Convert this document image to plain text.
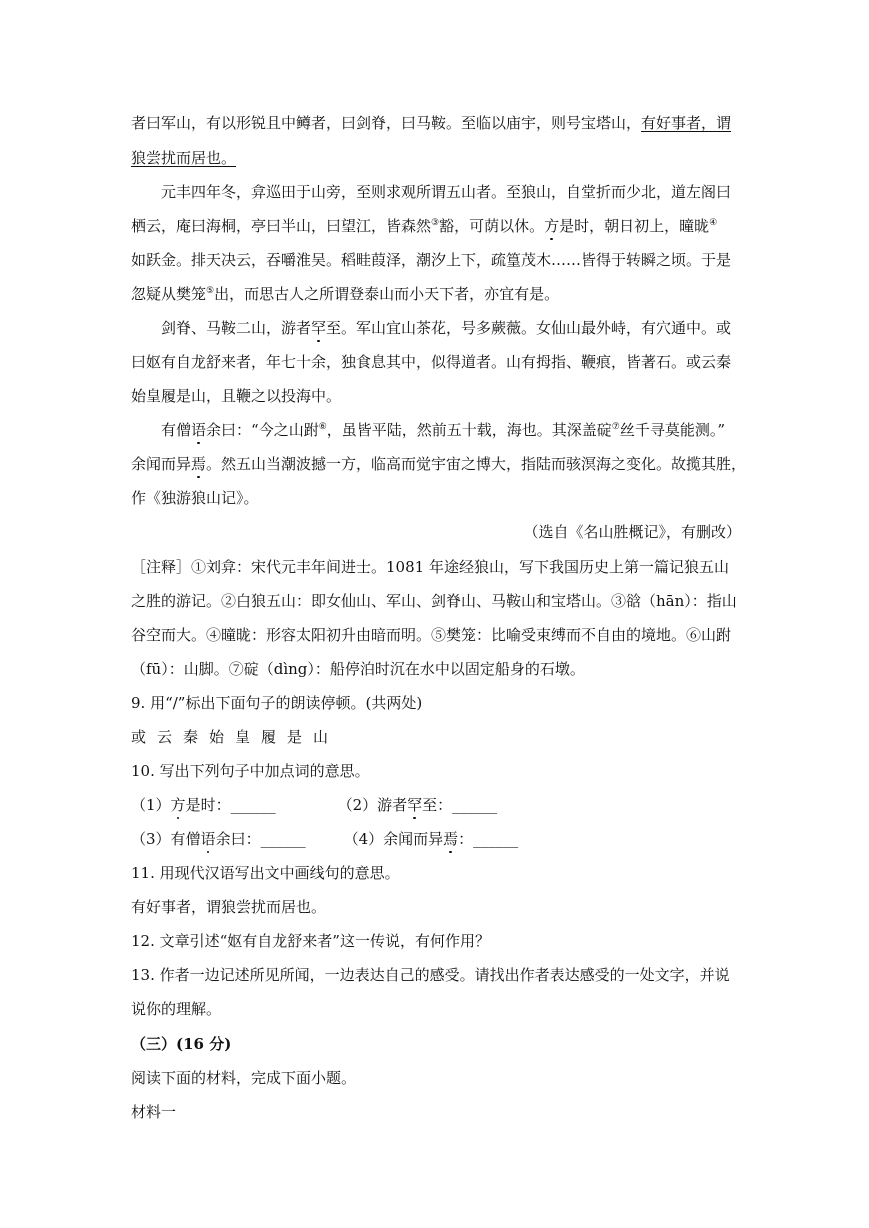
者曰军山，有以形锐且中鳟者，曰剑脊，曰马鞍。至临以庙宇，则号宝塔山，有好事者，谓
狼尝扰而居也。
元丰四年冬，弇巡田于山旁，至则求观所谓五山者。至狼山，自堂折而少北，道左阁曰
栖云，庵曰海桐，亭曰半山，曰望江，皆森然③豁，可荫以休。方是时，朝日初上，曈昽④
如跃金。排天决云，吞嚼淮吴。稻畦葭泽，潮汐上下，疏篁茂木……皆得于转瞬之顷。于是
忽疑从樊笼⑤出，而思古人之所谓登泰山而小天下者，亦宜有是。
剑脊、马鞍二山，游者罕至。军山宜山茶花，号多蕨薇。女仙山最外峙，有穴通中。或
曰妪有自龙舒来者，年七十余，独食息其中，似得道者。山有拇指、鞭痕，皆著石。或云秦
始皇履是山，且鞭之以投海中。
有僧语余曰：“今之山跗⑥，虽皆平陆，然前五十载，海也。其深盖碇⑦丝千寻莫能测。”
余闻而异焉。然五山当潮波撼一方，临高而觉宇宙之博大，指陆而骇溟海之变化。故揽其胜，
作《独游狼山记》。
（选自《名山胜概记》，有删改）
［注释］①刘弇：宋代元丰年间进士。1081 年途经狼山，写下我国历史上第一篇记狼五山
之胜的游记。②白狼五山：即女仙山、军山、剑脊山、马鞍山和宝塔山。③谽（hān）：指山
谷空而大。④曈昽：形容太阳初升由暗而明。⑤樊笼：比喻受束缚而不自由的境地。⑥山跗
（fū）：山脚。⑦碇（dìng）：船停泊时沉在水中以固定船身的石墩。
9. 用“/”标出下面句子的朗读停顿。(共两处)
或云秦始皇履是山
10. 写出下列句子中加点词的意思。
（1）方是时：______	（2）游者罕至：______
（3）有僧语余曰：______	（4）余闻而异焉：______
11. 用现代汉语写出文中画线句的意思。
有好事者，谓狼尝扰而居也。
12. 文章引述“妪有自龙舒来者”这一传说，有何作用？
13. 作者一边记述所见所闻，一边表达自己的感受。请找出作者表达感受的一处文字，并说
说你的理解。
（三）(16 分)
阅读下面的材料，完成下面小题。
材料一
